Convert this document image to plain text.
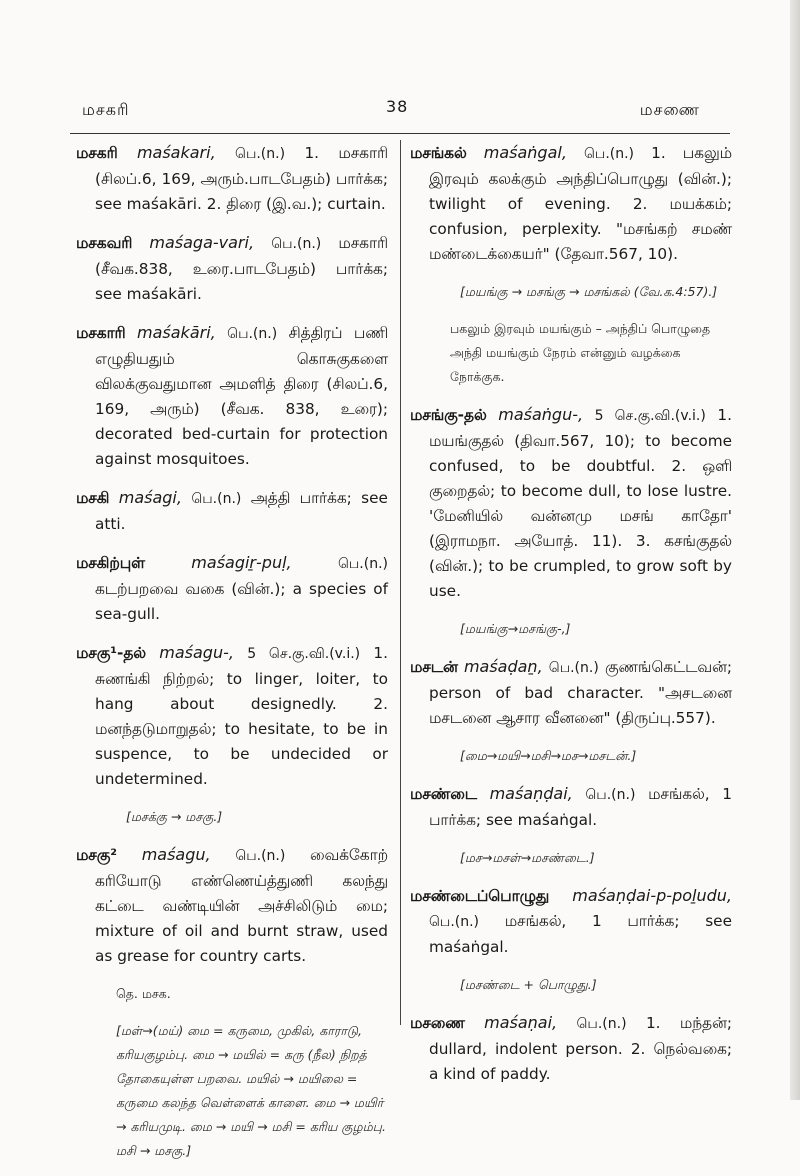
மசகரி	38	மசணை
மசகரி maśakari, பெ.(n.) 1. மசகாரி (சிலப்.6, 169, அரும்.பாடபேதம்) பார்க்க; see maśakāri. 2. திரை (இ.வ.); curtain.
மசகவரி maśaga-vari, பெ.(n.) மசகாரி (சீவக.838, உரை.பாடபேதம்) பார்க்க; see maśakāri.
மசகாரி maśakāri, பெ.(n.) சித்திரப் பணி எழுதியதும் கொசுகுகளை விலக்குவதுமான அமளித் திரை (சிலப்.6, 169, அரும்) (சீவக. 838, உரை); decorated bed-curtain for protection against mosquitoes.
மசகி maśagi, பெ.(n.) அத்தி பார்க்க; see atti.
மசகிற்புள்	maśagiṟ-puḷ,	பெ.(n.) கடற்பறவை வகை (வின்.); a species of sea-gull.
மசகு¹-தல் maśagu-, 5 செ.கு.வி.(v.i.) 1. சுணங்கி நிற்றல்; to linger, loiter, to hang about designedly. 2. மனந்தடுமாறுதல்; to hesitate, to be in suspence, to be undecided or undetermined.
[மசக்கு → மசகு.]
மசகு² maśagu, பெ.(n.) வைக்கோற் கரியோடு எண்ணெய்த்துணி கலந்து கட்டை வண்டியின் அச்சிலிடும் மை; mixture of oil and burnt straw, used as grease for country carts.
தெ. மசக.
[மள்→(மய்) மை = கருமை, முகில், காராடு, கரியகுழம்பு. மை → மயில் = கரு (நீல) நிறத் தோகையுள்ள பறவை. மயில் → மயிலை = கருமை கலந்த வெள்ளைக் காளை. மை → மயிர் → கரியமுடி. மை → மயி → மசி = கரிய குழம்பு. மசி → மசகு.]
மசங்கல் maśaṅgal, பெ.(n.) 1. பகலும் இரவும் கலக்கும் அந்திப்பொழுது (வின்.); twilight of evening. 2. மயக்கம்; confusion, perplexity. "மசங்கற் சமண் மண்டைக்கையர்" (தேவா.567, 10).
[மயங்கு → மசங்கு → மசங்கல் (வே.க.4:57).]
பகலும் இரவும் மயங்கும் – அந்திப் பொழுதை அந்தி மயங்கும் நேரம் என்னும் வழக்கை நோக்குக.
மசங்கு-தல் maśaṅgu-, 5 செ.கு.வி.(v.i.) 1. மயங்குதல் (திவா.567, 10); to become confused, to be doubtful. 2. ஒளி குறைதல்; to become dull, to lose lustre. 'மேனியில் வன்னமு மசங் காதோ' (இராமநா. அயோத். 11). 3. கசங்குதல் (வின்.); to be crumpled, to grow soft by use.
[மயங்கு→மசங்கு-,]
மசடன் maśaḍaṉ, பெ.(n.) குணங்கெட்டவன்; person of bad character. "அசடனை மசடனை ஆசார வீனனை" (திருப்பு.557).
[மை→மயி→மசி→மச→மசடன்.]
மசண்டை maśaṇḍai, பெ.(n.) மசங்கல், 1 பார்க்க; see maśaṅgal.
[மச→மசள்→மசண்டை.]
மசண்டைப்பொழுது maśaṇḍai-p-poḻudu, பெ.(n.) மசங்கல், 1 பார்க்க; see maśaṅgal.
[மசண்டை + பொழுது.]
மசணை maśaṇai, பெ.(n.) 1. மந்தன்; dullard, indolent person. 2. நெல்வகை; a kind of paddy.
